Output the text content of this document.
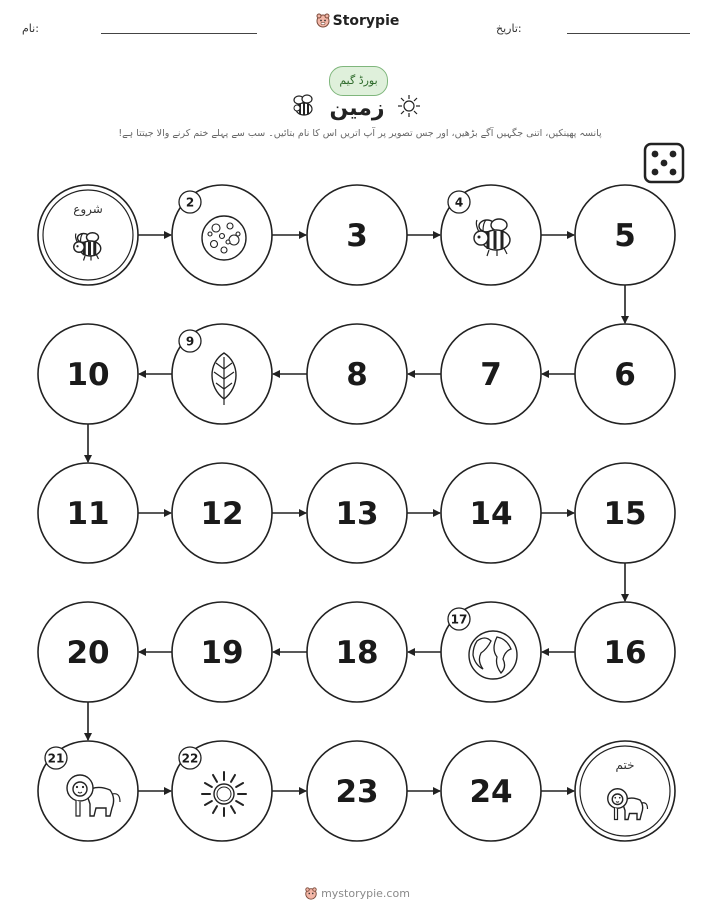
نام:	Storypie	تاریخ:
بورڈ گیم
زمین
پانسہ پھینکیں، اتنی جگہیں آگے بڑھیں، اور جس تصویر پر آپ اتریں اس کا نام بتائیں۔ سب سے پہلے ختم کرنے والا جیتتا ہے!
شروع	2
3
4
5
6
7
8
9
10
11	12	13	14	15
16
17
18
19
20
21	22
23	24
ختم
mystorypie.com
